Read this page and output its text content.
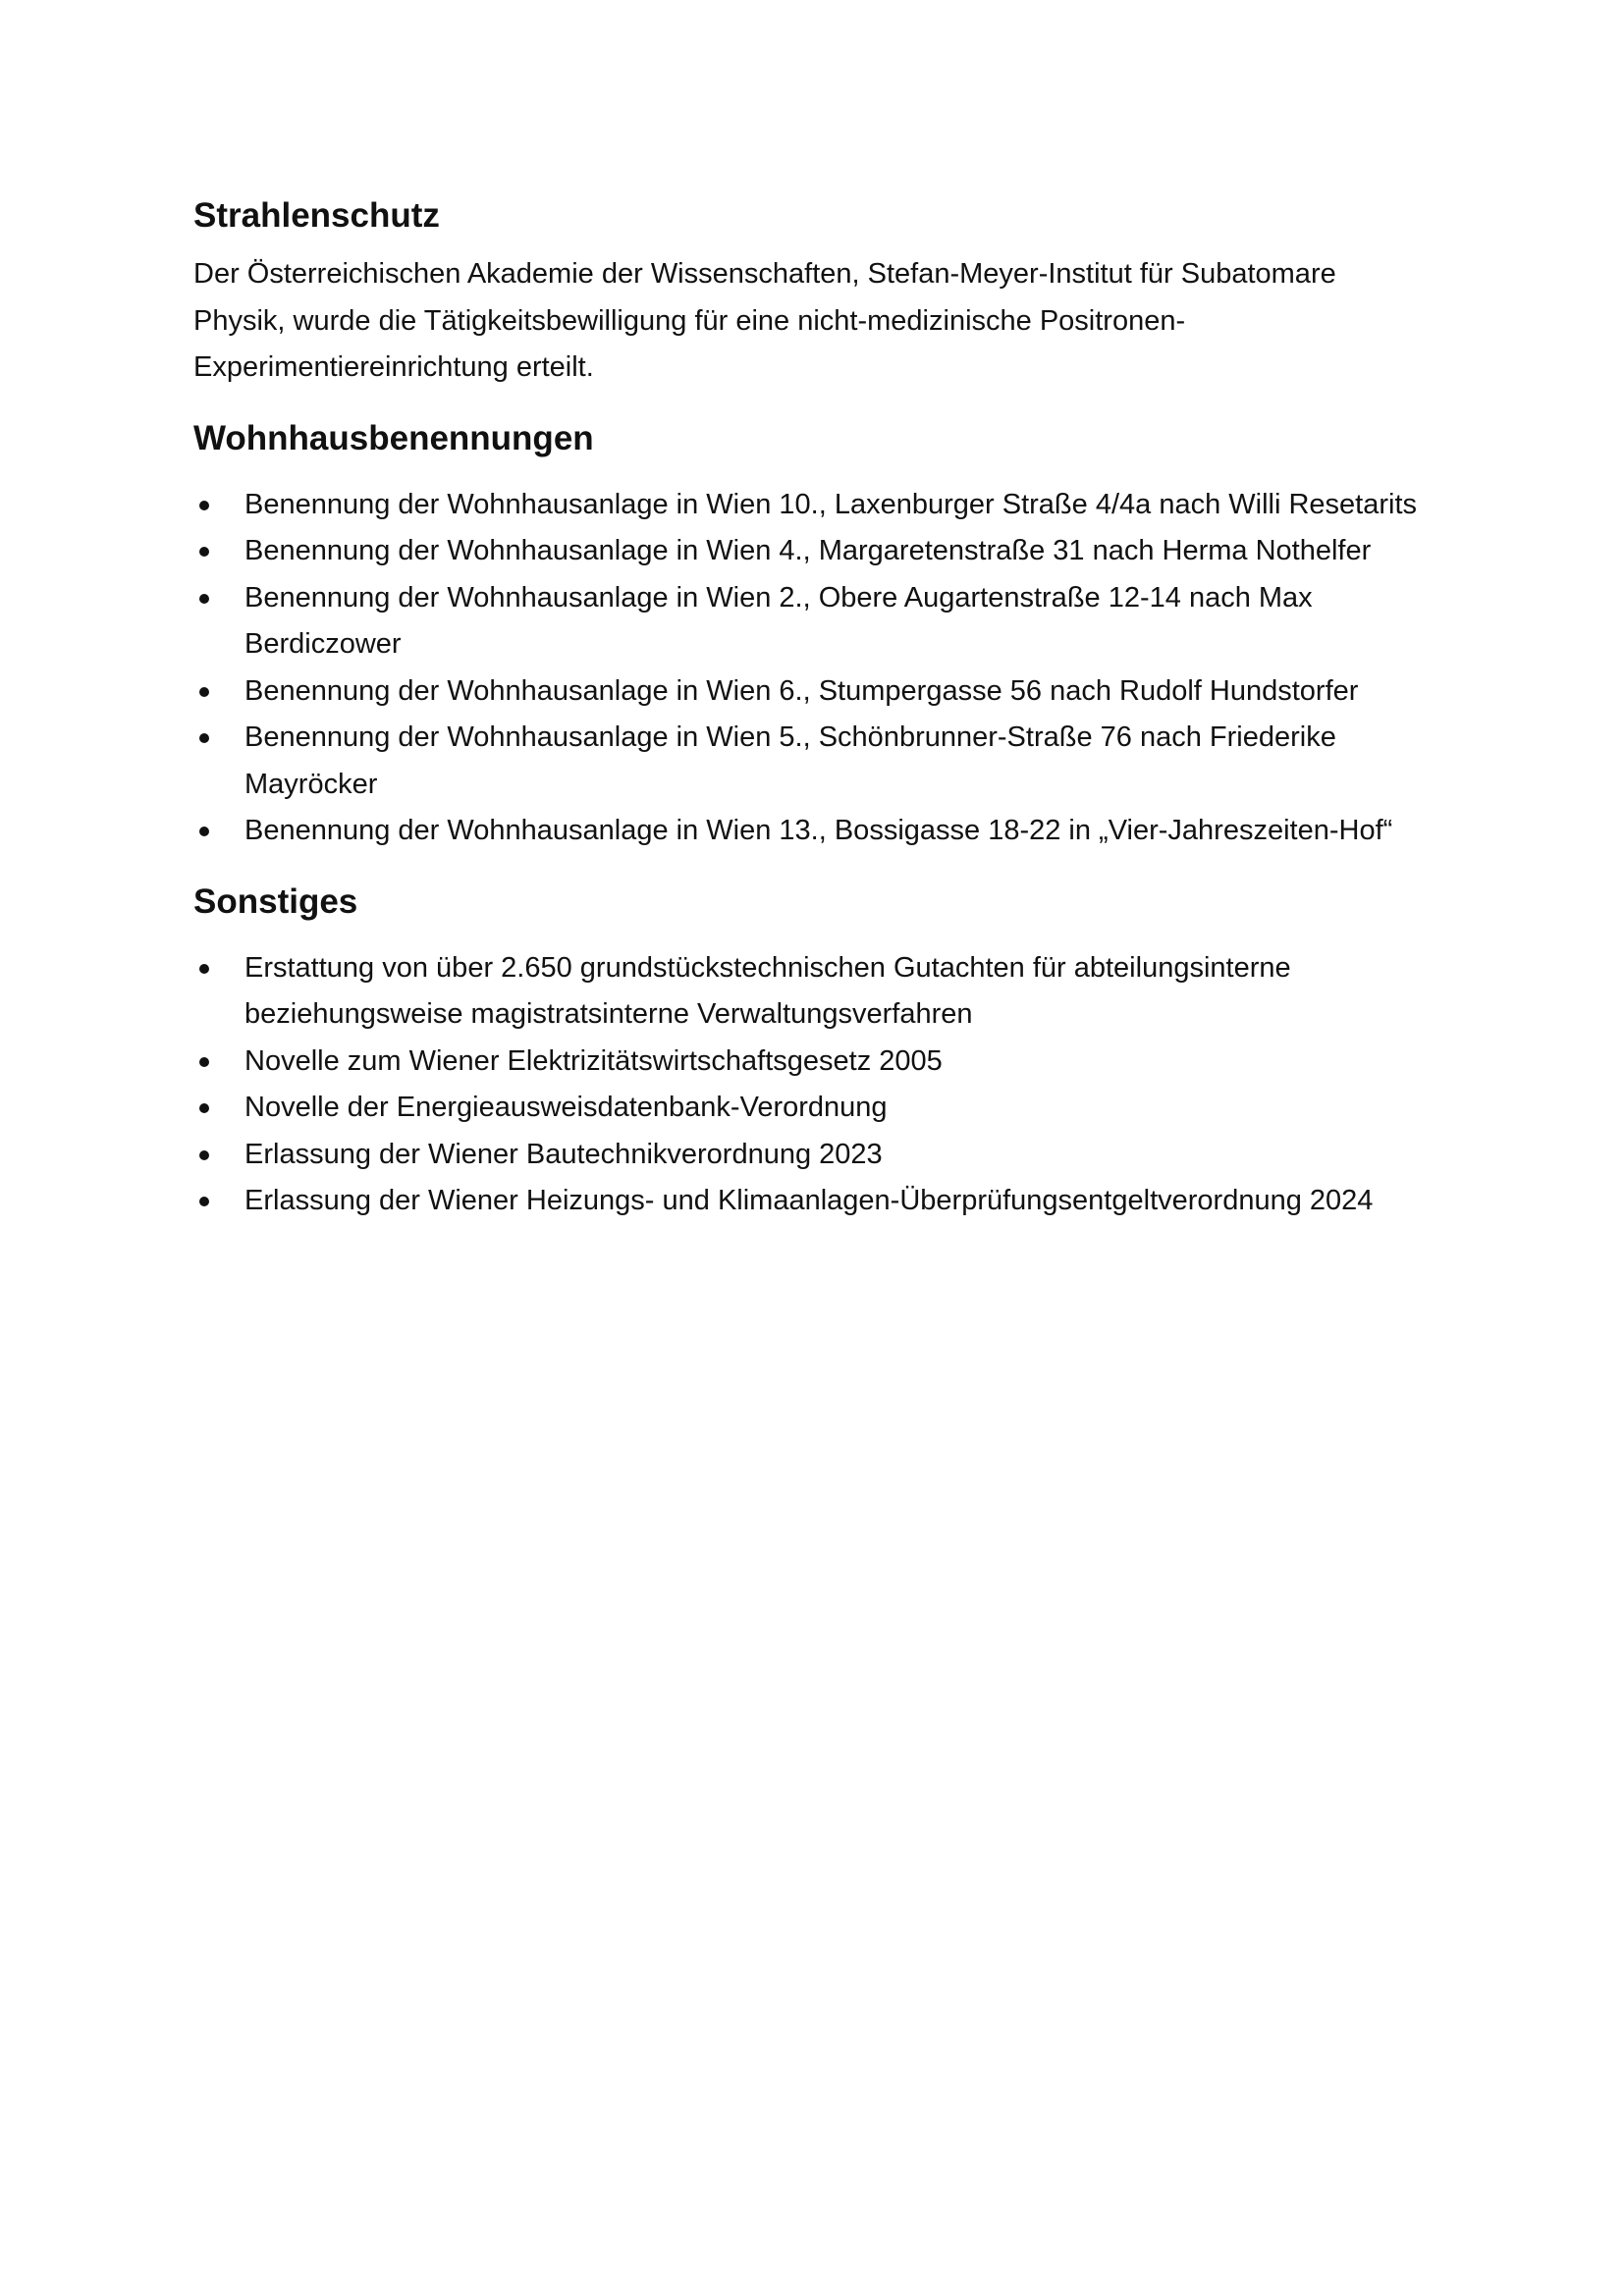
Strahlenschutz

Der Österreichischen Akademie der Wissenschaften, Stefan-Meyer-Institut für Subatomare Physik, wurde die Tätigkeitsbewilligung für eine nicht-medizinische Positronen-Experimentiereinrichtung erteilt.

Wohnhausbenennungen
Benennung der Wohnhausanlage in Wien 10., Laxenburger Straße 4/4a nach Willi Resetarits
Benennung der Wohnhausanlage in Wien 4., Margaretenstraße 31 nach Herma Nothelfer
Benennung der Wohnhausanlage in Wien 2., Obere Augartenstraße 12-14 nach Max Berdiczower
Benennung der Wohnhausanlage in Wien 6., Stumpergasse 56 nach Rudolf Hundstorfer
Benennung der Wohnhausanlage in Wien 5., Schönbrunner-Straße 76 nach Friederike Mayröcker
Benennung der Wohnhausanlage in Wien 13., Bossigasse 18-22 in „Vier-Jahreszeiten-Hof“
Sonstiges
Erstattung von über 2.650 grundstückstechnischen Gutachten für abteilungsinterne beziehungsweise magistratsinterne Verwaltungsverfahren
Novelle zum Wiener Elektrizitätswirtschaftsgesetz 2005
Novelle der Energieausweisdatenbank-Verordnung
Erlassung der Wiener Bautechnikverordnung 2023
Erlassung der Wiener Heizungs- und Klimaanlagen-Überprüfungsentgeltverordnung 2024
